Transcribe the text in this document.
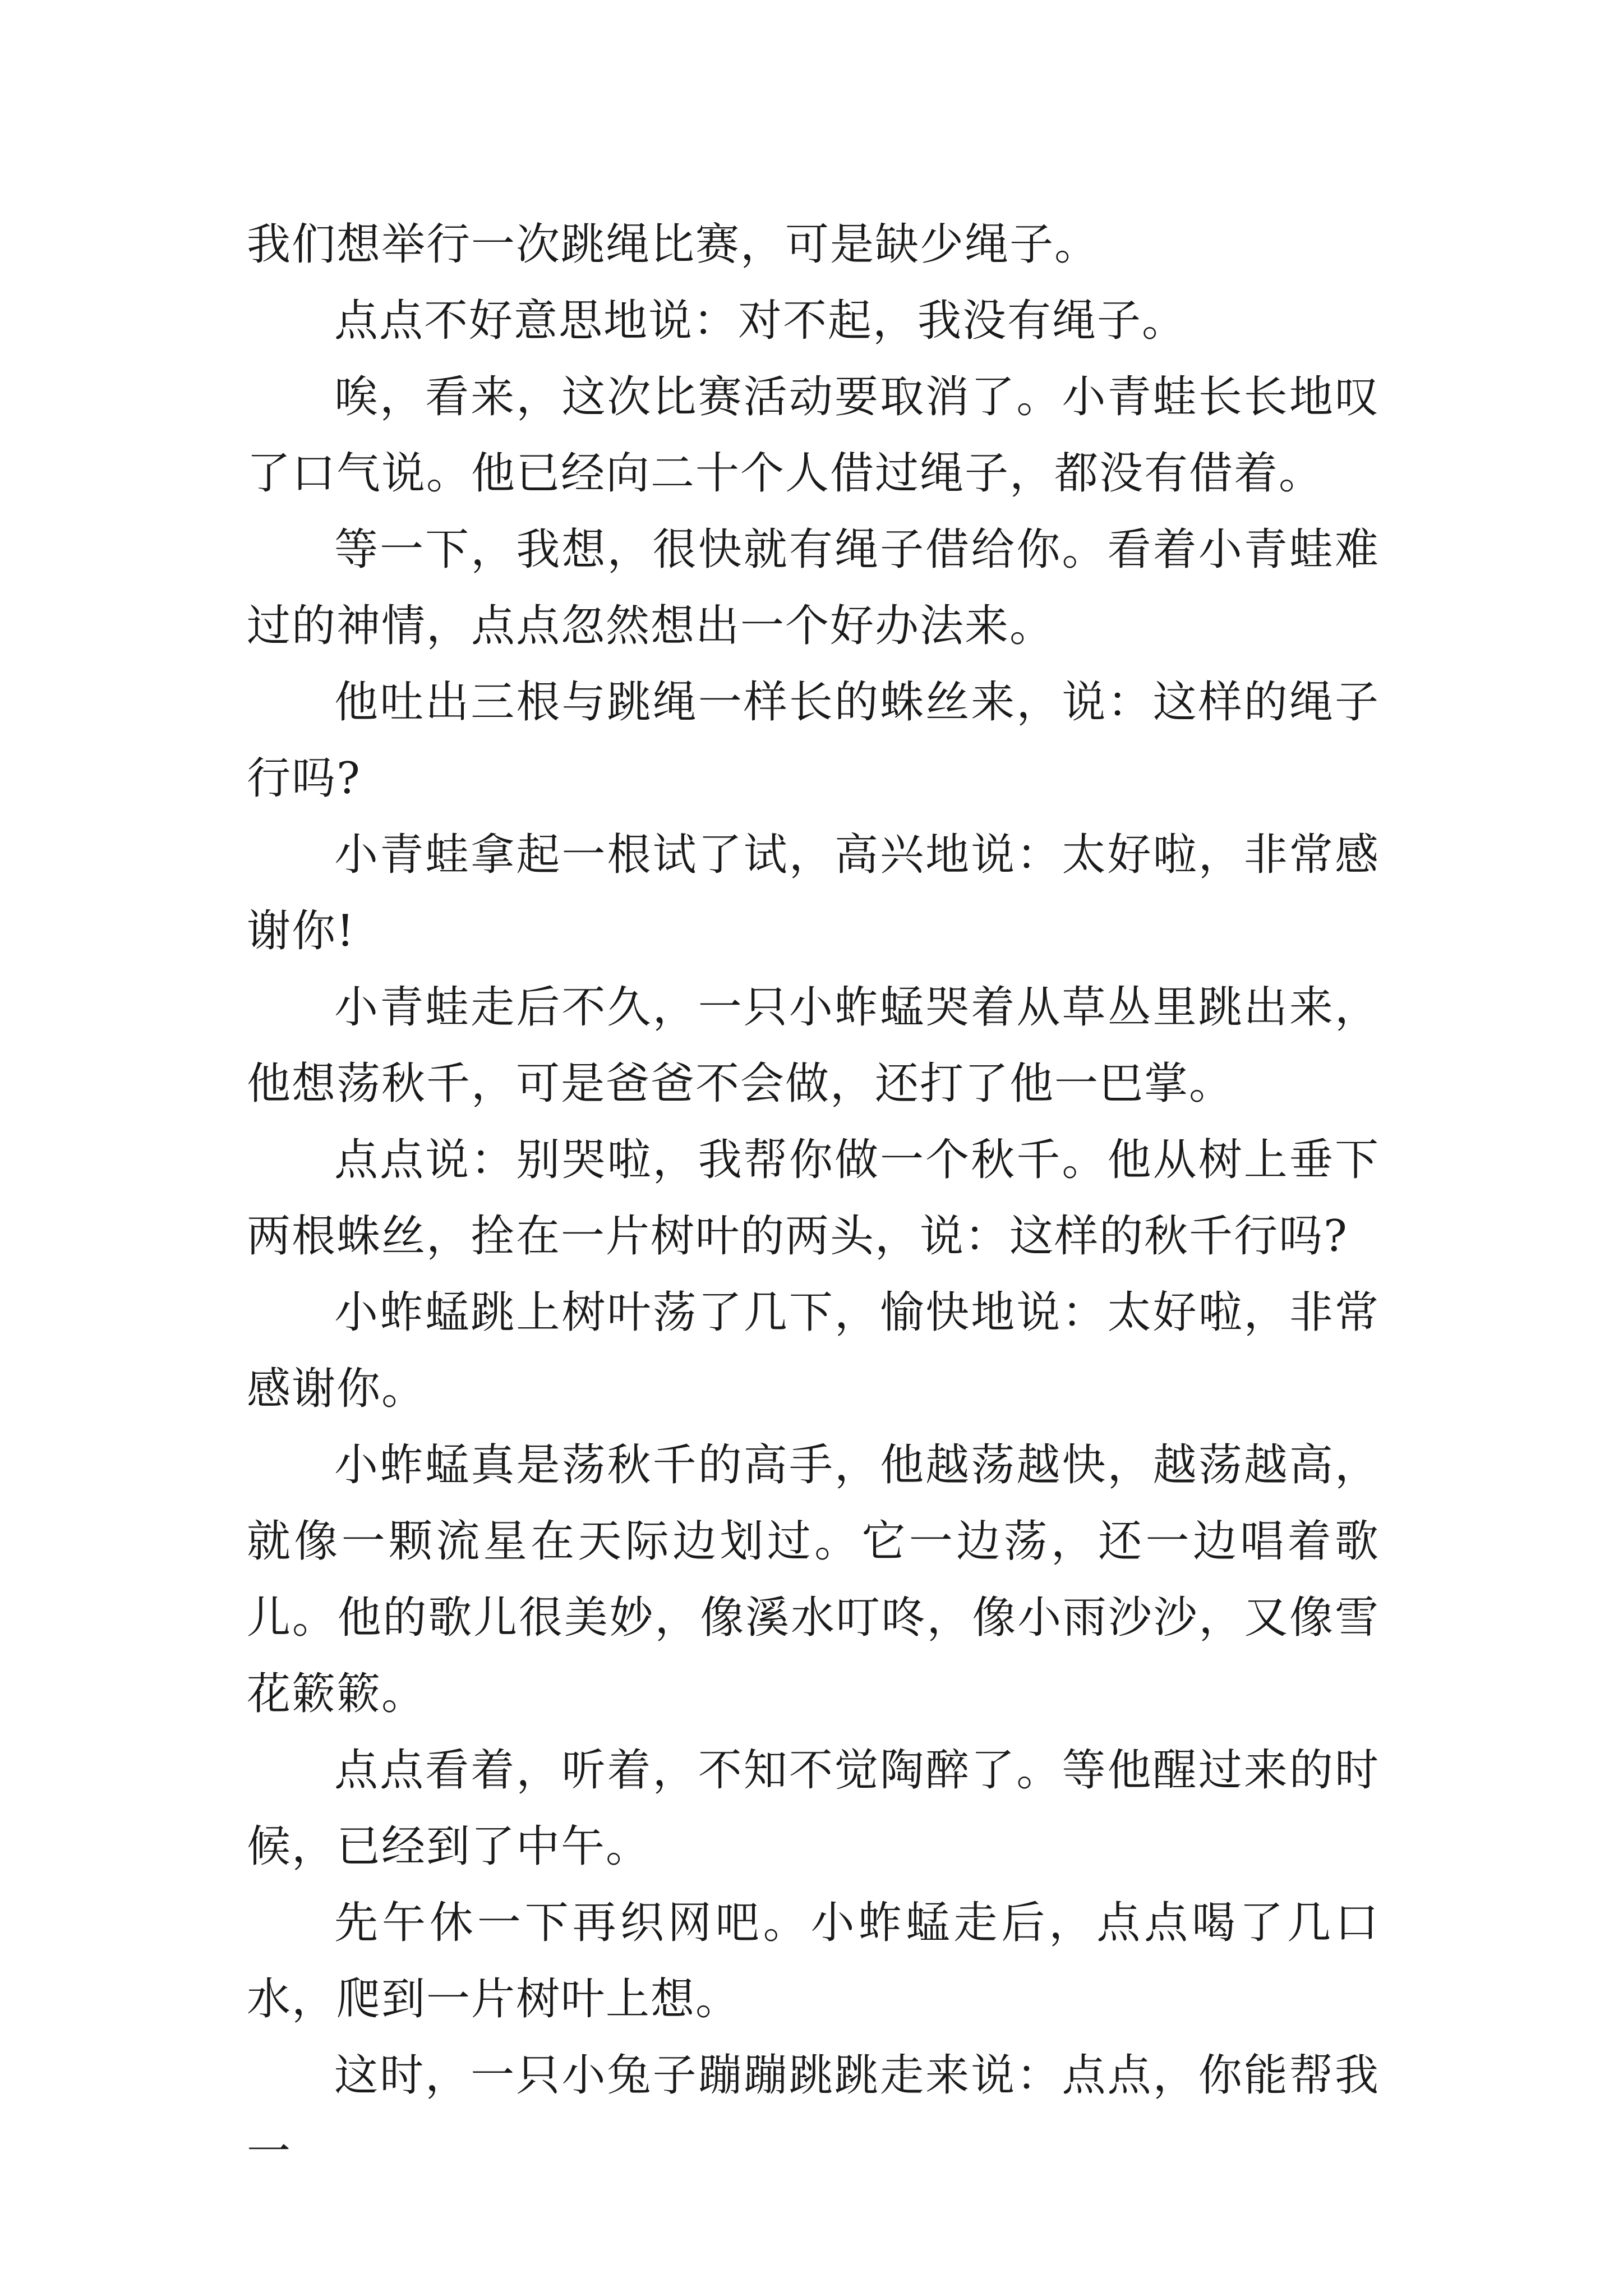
我们想举行一次跳绳比赛，可是缺少绳子。

点点不好意思地说：对不起，我没有绳子。

唉，看来，这次比赛活动要取消了。小青蛙长长地叹了口气说。他已经向二十个人借过绳子，都没有借着。

等一下，我想，很快就有绳子借给你。看着小青蛙难过的神情，点点忽然想出一个好办法来。

他吐出三根与跳绳一样长的蛛丝来，说：这样的绳子行吗?

小青蛙拿起一根试了试，高兴地说：太好啦，非常感谢你!

小青蛙走后不久，一只小蚱蜢哭着从草丛里跳出来，他想荡秋千，可是爸爸不会做，还打了他一巴掌。

点点说：别哭啦，我帮你做一个秋千。他从树上垂下两根蛛丝，拴在一片树叶的两头，说：这样的秋千行吗?

小蚱蜢跳上树叶荡了几下，愉快地说：太好啦，非常感谢你。

小蚱蜢真是荡秋千的高手，他越荡越快，越荡越高，就像一颗流星在天际边划过。它一边荡，还一边唱着歌儿。他的歌儿很美妙，像溪水叮咚，像小雨沙沙，又像雪花簌簌。

点点看着，听着，不知不觉陶醉了。等他醒过来的时候，已经到了中午。

先午休一下再织网吧。小蚱蜢走后，点点喝了几口水，爬到一片树叶上想。

这时，一只小兔子蹦蹦跳跳走来说：点点，你能帮我一
